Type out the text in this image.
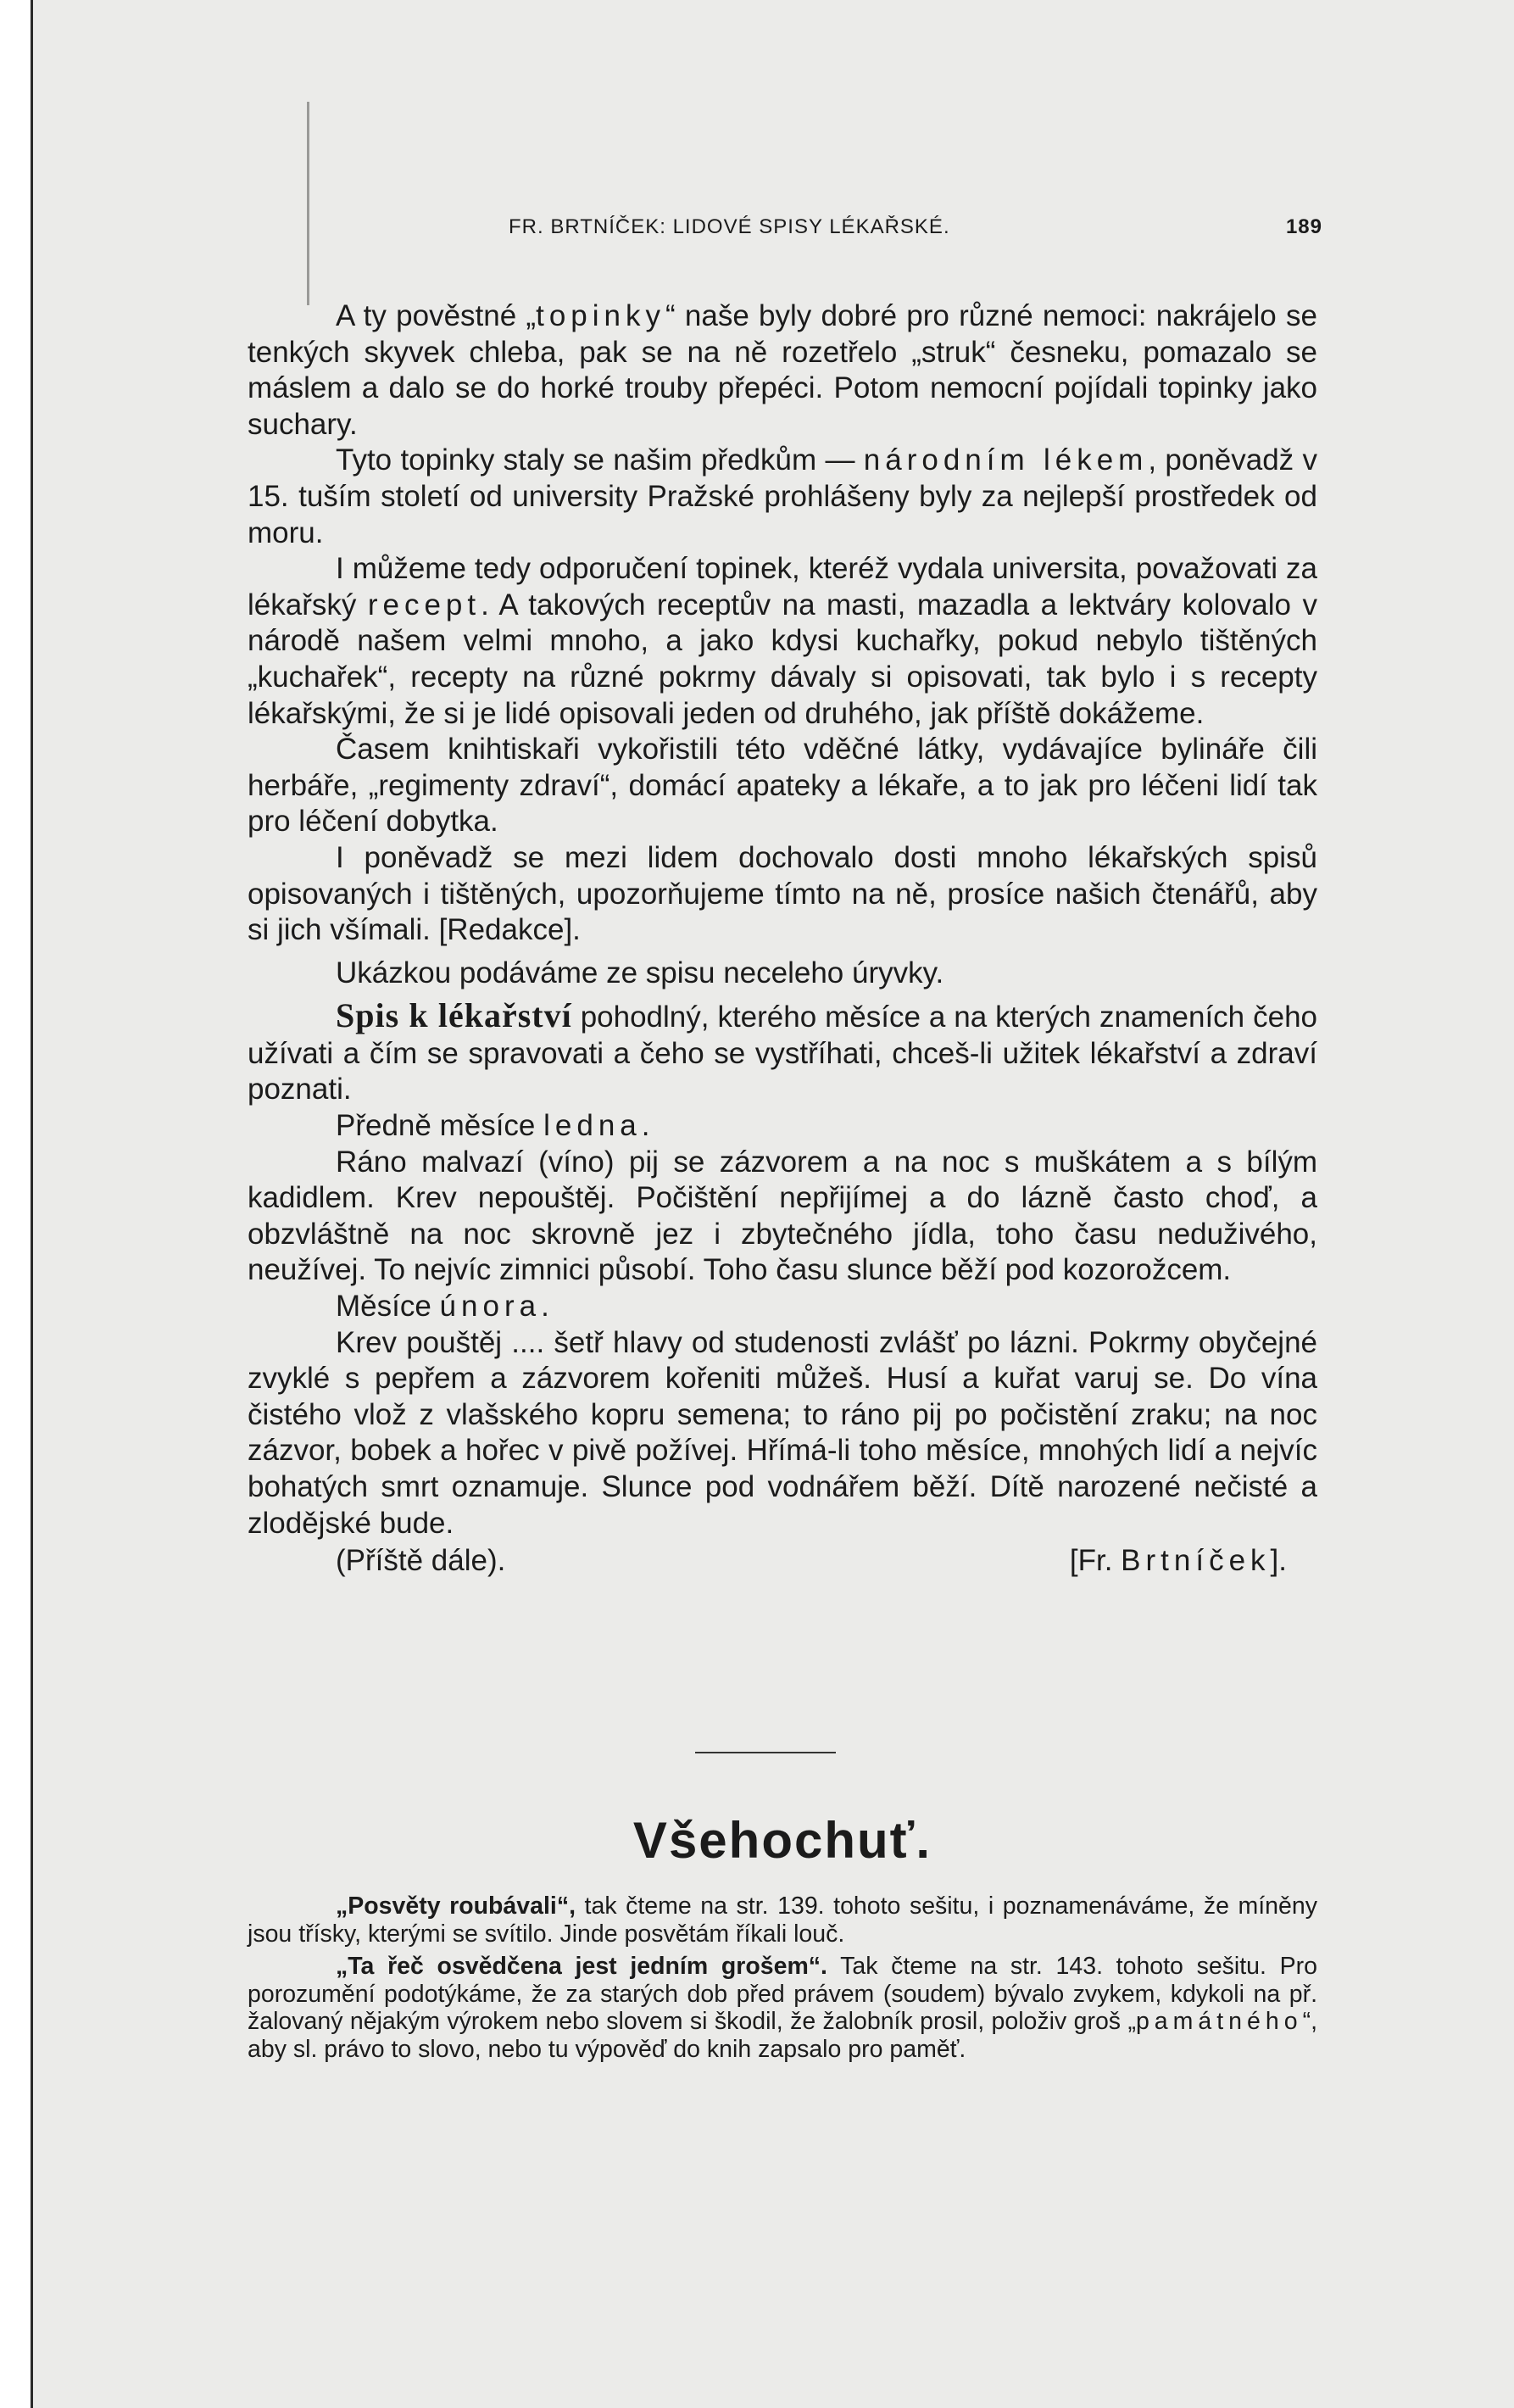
FR. BRTNÍČEK: LIDOVÉ SPISY LÉKAŘSKÉ.	189

A ty pověstné „topinky“ naše byly dobré pro různé nemoci: nakrájelo se tenkých skyvek chleba, pak se na ně rozetřelo „struk“ česneku, pomazalo se máslem a dalo se do horké trouby přepéci. Potom nemocní pojídali topinky jako suchary.

Tyto topinky staly se našim předkům — národním lékem, poněvadž v 15. tuším století od university Pražské prohlášeny byly za nejlepší prostředek od moru.

I můžeme tedy odporučení topinek, kteréž vydala universita, považovati za lékařský recept. A takových receptův na masti, mazadla a lektváry kolovalo v národě našem velmi mnoho, a jako kdysi kuchařky, pokud nebylo tištěných „kuchařek“, recepty na různé pokrmy dávaly si opisovati, tak bylo i s recepty lékařskými, že si je lidé opisovali jeden od druhého, jak příště dokážeme.

Časem knihtiskaři vykořistili této vděčné látky, vydávajíce bylináře čili herbáře, „regimenty zdraví“, domácí apateky a lékaře, a to jak pro léčeni lidí tak pro léčení dobytka.

I poněvadž se mezi lidem dochovalo dosti mnoho lékařských spisů opisovaných i tištěných, upozorňujeme tímto na ně, prosíce našich čtenářů, aby si jich všímali. [Redakce].

Ukázkou podáváme ze spisu neceleho úryvky.

Spis k lékařství pohodlný, kterého měsíce a na kterých znameních čeho užívati a čím se spravovati a čeho se vystříhati, chceš-li užitek lékařství a zdraví poznati.

Předně měsíce ledna.

Ráno malvazí (víno) pij se zázvorem a na noc s muškátem a s bílým kadidlem. Krev nepouštěj. Počištění nepřijímej a do lázně často choď, a obzvláštně na noc skrovně jez i zbytečného jídla, toho času neduživého, neužívej. To nejvíc zimnici působí. Toho času slunce běží pod kozorožcem.

Měsíce února.

Krev pouštěj .... šetř hlavy od studenosti zvlášť po lázni. Pokrmy obyčejné zvyklé s pepřem a zázvorem kořeniti můžeš. Husí a kuřat varuj se. Do vína čistého vlož z vlašského kopru semena; to ráno pij po počistění zraku; na noc zázvor, bobek a hořec v pivě požívej. Hřímá-li toho měsíce, mnohých lidí a nejvíc bohatých smrt oznamuje. Slunce pod vodnářem běží. Dítě narozené nečisté a zlodějské bude.

(Příště dále).	[Fr. Brtníček].
Všehochuť.

„Posvěty roubávali“, tak čteme na str. 139. tohoto sešitu, i poznamenáváme, že míněny jsou třísky, kterými se svítilo. Jinde posvětám říkali louč.

„Ta řeč osvědčena jest jedním grošem“. Tak čteme na str. 143. tohoto sešitu. Pro porozumění podotýkáme, že za starých dob před právem (soudem) bývalo zvykem, kdykoli na př. žalovaný nějakým výrokem nebo slovem si škodil, že žalobník prosil, položiv groš „památného“, aby sl. právo to slovo, nebo tu výpověď do knih zapsalo pro paměť.
